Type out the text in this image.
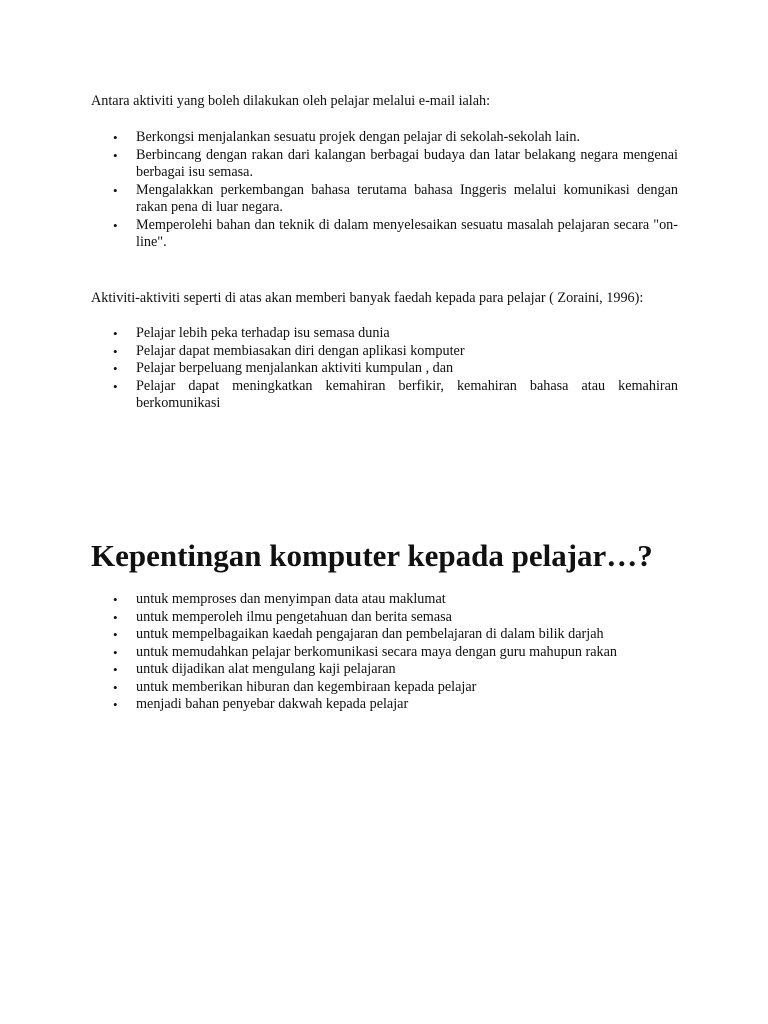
Antara aktiviti yang boleh dilakukan oleh pelajar melalui e-mail ialah:

• Berkongsi menjalankan sesuatu projek dengan pelajar di sekolah-sekolah lain.
• Berbincang dengan rakan dari kalangan berbagai budaya dan latar belakang negara mengenai berbagai isu semasa.
• Mengalakkan perkembangan bahasa terutama bahasa Inggeris melalui komunikasi dengan rakan pena di luar negara.
• Memperolehi bahan dan teknik di dalam menyelesaikan sesuatu masalah pelajaran secara "on-line".

Aktiviti-aktiviti seperti di atas akan memberi banyak faedah kepada para pelajar ( Zoraini, 1996):

• Pelajar lebih peka terhadap isu semasa dunia
• Pelajar dapat membiasakan diri dengan aplikasi komputer
• Pelajar berpeluang menjalankan aktiviti kumpulan , dan
• Pelajar dapat meningkatkan kemahiran berfikir, kemahiran bahasa atau kemahiran berkomunikasi
Kepentingan komputer kepada pelajar…?
• untuk memproses dan menyimpan data atau maklumat
• untuk memperoleh ilmu pengetahuan dan berita semasa
• untuk mempelbagaikan kaedah pengajaran dan pembelajaran di dalam bilik darjah
• untuk memudahkan pelajar berkomunikasi secara maya dengan guru mahupun rakan
• untuk dijadikan alat mengulang kaji pelajaran
• untuk memberikan hiburan dan kegembiraan kepada pelajar
• menjadi bahan penyebar dakwah kepada pelajar
